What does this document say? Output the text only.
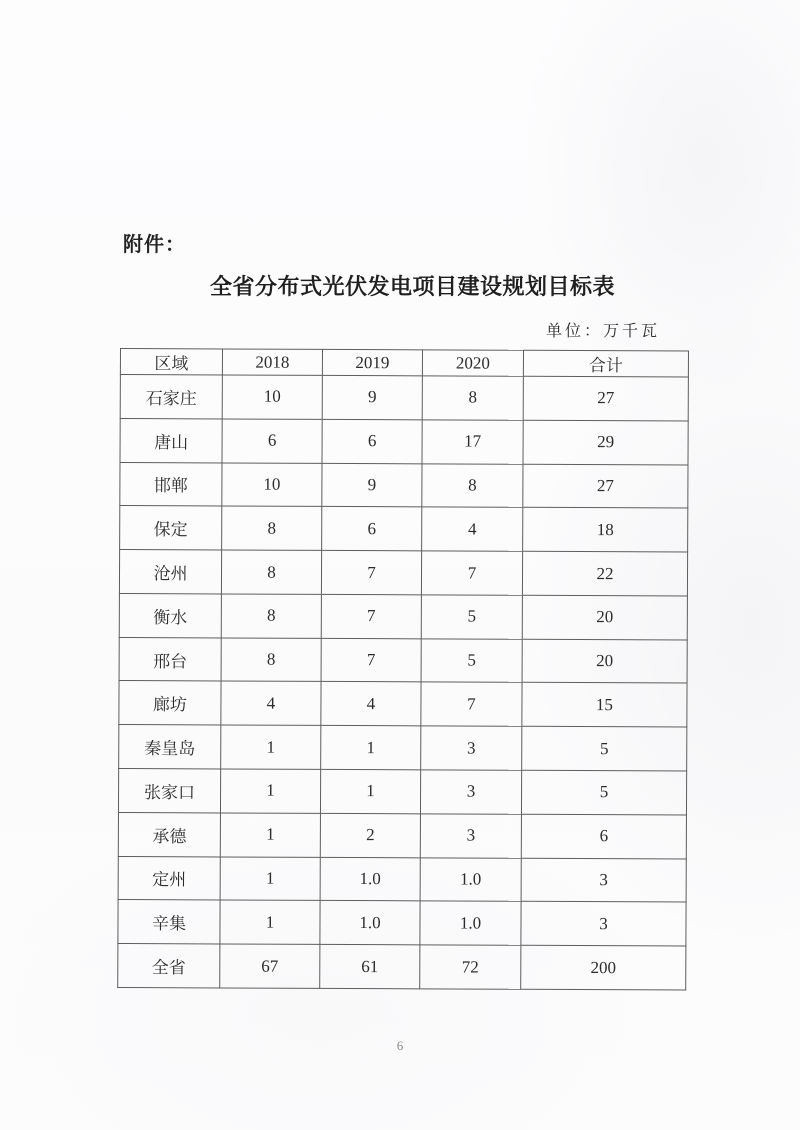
附件：
全省分布式光伏发电项目建设规划目标表
单位：万千瓦
区域	2018	2019	2020	合计
石家庄	10	9	8	27
唐山	6	6	17	29
邯郸	10	9	8	27
保定	8	6	4	18
沧州	8	7	7	22
衡水	8	7	5	20
邢台	8	7	5	20
廊坊	4	4	7	15
秦皇岛	1	1	3	5
张家口	1	1	3	5
承德	1	2	3	6
定州	1	1.0	1.0	3
辛集	1	1.0	1.0	3
全省	67	61	72	200
6
